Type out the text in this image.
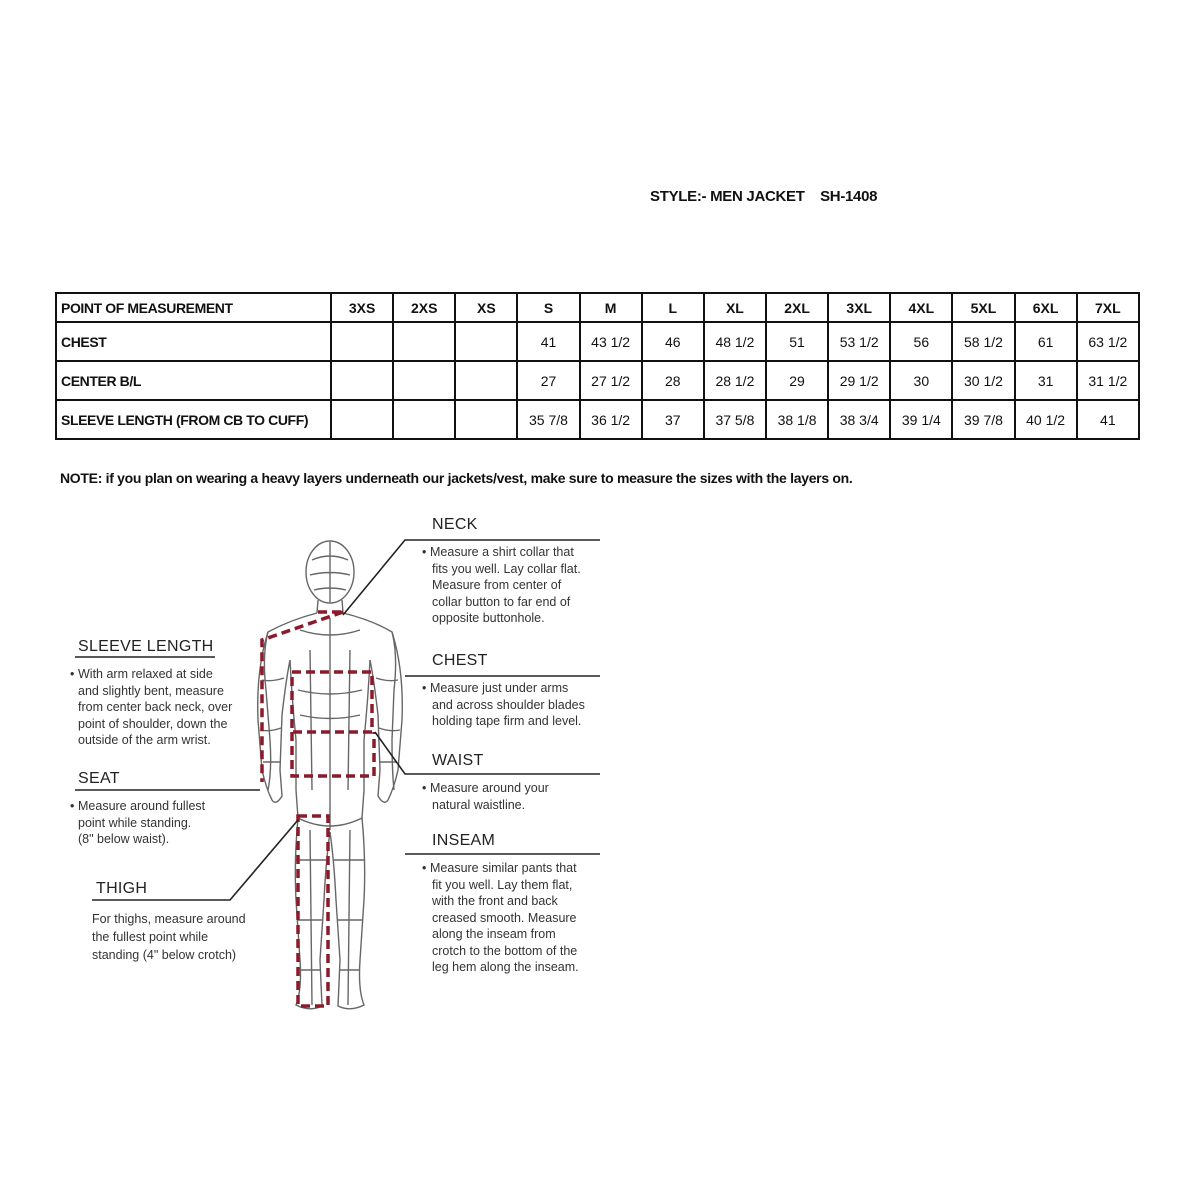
STYLE:- MEN JACKET    SH-1408
POINT OF MEASUREMENT	3XS	2XS	XS	S	M	L	XL	2XL	3XL	4XL	5XL	6XL	7XL
CHEST				41	43 1/2	46	48 1/2	51	53 1/2	56	58 1/2	61	63 1/2
CENTER B/L				27	27 1/2	28	28 1/2	29	29 1/2	30	30 1/2	31	31 1/2
SLEEVE LENGTH (FROM CB TO CUFF)				35 7/8	36 1/2	37	37 5/8	38 1/8	38 3/4	39 1/4	39 7/8	40 1/2	41
NOTE: if you plan on wearing a heavy layers underneath our jackets/vest, make sure to measure the sizes with the layers on.
NECK
• Measure a shirt collar that
fits you well. Lay collar flat.
Measure from center of
collar button to far end of
opposite buttonhole.
SLEEVE LENGTH
• With arm relaxed at side
and slightly bent, measure
from center back neck, over
point of shoulder, down the
outside of the arm wrist.
CHEST
• Measure just under arms
and across shoulder blades
holding tape firm and level.
WAIST
• Measure around your
natural waistline.
SEAT
• Measure around fullest
point while standing.
(8" below waist).	INSEAM
• Measure similar pants that
fit you well. Lay them flat,
with the front and back
creased smooth. Measure
along the inseam from
crotch to the bottom of the
leg hem along the inseam.
THIGH
For thighs, measure around
the fullest point while
standing (4" below crotch)
